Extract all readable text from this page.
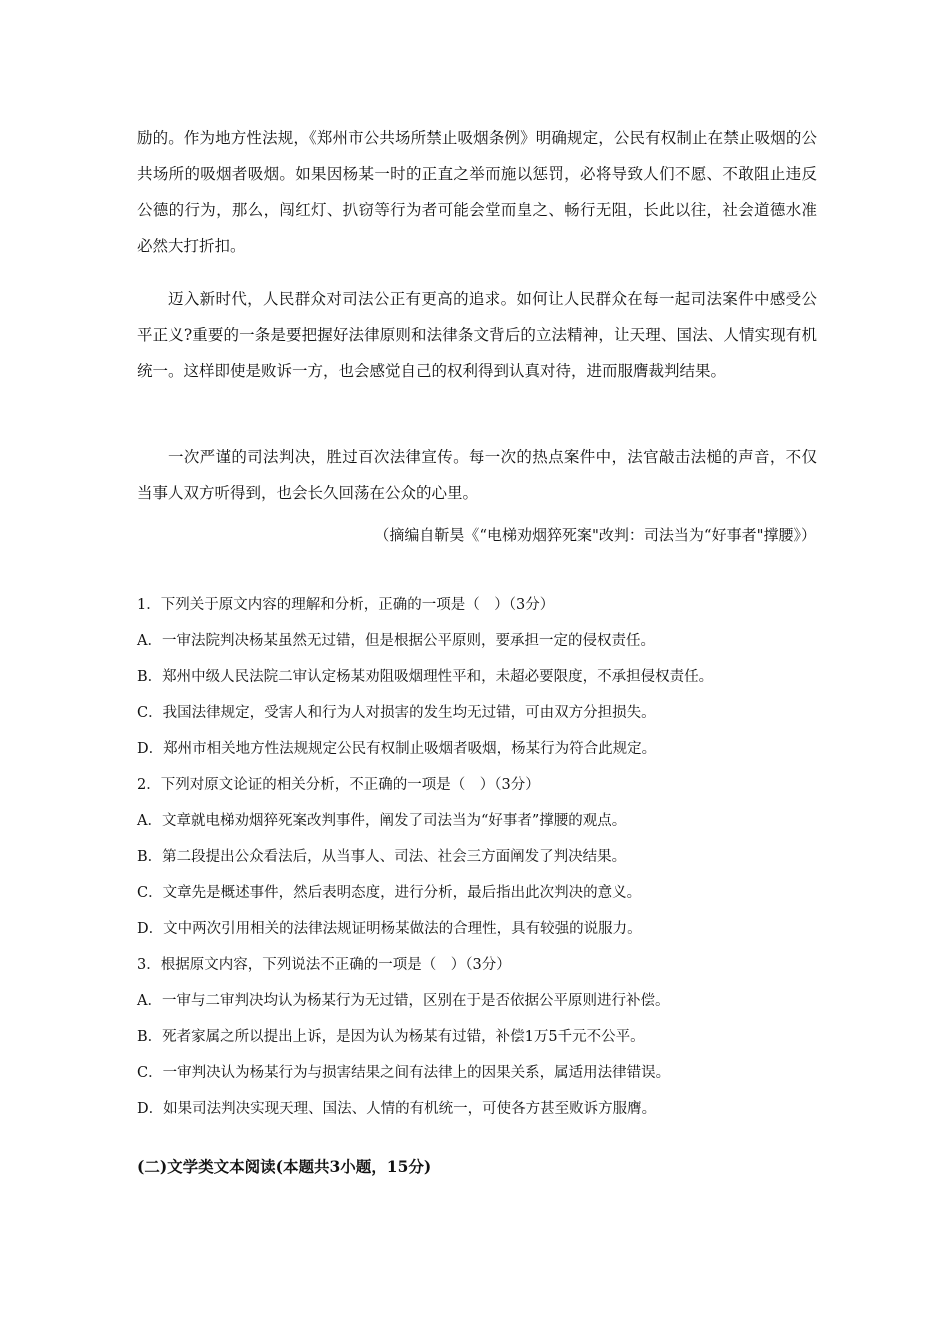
励的。作为地方性法规，《郑州市公共场所禁止吸烟条例》明确规定，公民有权制止在禁止吸烟的公共场所的吸烟者吸烟。如果因杨某一时的正直之举而施以惩罚，必将导致人们不愿、不敢阻止违反公德的行为，那么，闯红灯、扒窃等行为者可能会堂而皇之、畅行无阻，长此以往，社会道德水准必然大打折扣。
迈入新时代，人民群众对司法公正有更高的追求。如何让人民群众在每一起司法案件中感受公平正义?重要的一条是要把握好法律原则和法律条文背后的立法精神，让天理、国法、人情实现有机统一。这样即使是败诉一方，也会感觉自己的权利得到认真对待，进而服膺裁判结果。
一次严谨的司法判决，胜过百次法律宣传。每一次的热点案件中，法官敲击法槌的声音，不仅当事人双方听得到，也会长久回荡在公众的心里。
（摘编自靳昊《“电梯劝烟猝死案"改判：司法当为“好事者"撑腰》）
1．下列关于原文内容的理解和分析，正确的一项是（　）（3分）
A．一审法院判决杨某虽然无过错，但是根据公平原则，要承担一定的侵权责任。
B．郑州中级人民法院二审认定杨某劝阻吸烟理性平和，未超必要限度，不承担侵权责任。
C．我国法律规定，受害人和行为人对损害的发生均无过错，可由双方分担损失。
D．郑州市相关地方性法规规定公民有权制止吸烟者吸烟，杨某行为符合此规定。
2．下列对原文论证的相关分析，不正确的一项是（　）（3分）
A．文章就电梯劝烟猝死案改判事件，阐发了司法当为“好事者”撑腰的观点。
B．第二段提出公众看法后，从当事人、司法、社会三方面阐发了判决结果。
C．文章先是概述事件，然后表明态度，进行分析，最后指出此次判决的意义。
D．文中两次引用相关的法律法规证明杨某做法的合理性，具有较强的说服力。
3．根据原文内容，下列说法不正确的一项是（　）（3分）
A．一审与二审判决均认为杨某行为无过错，区别在于是否依据公平原则进行补偿。
B．死者家属之所以提出上诉，是因为认为杨某有过错，补偿1万5千元不公平。
C．一审判决认为杨某行为与损害结果之间有法律上的因果关系，属适用法律错误。
D．如果司法判决实现天理、国法、人情的有机统一，可使各方甚至败诉方服膺。
(二)文学类文本阅读(本题共3小题，15分)
